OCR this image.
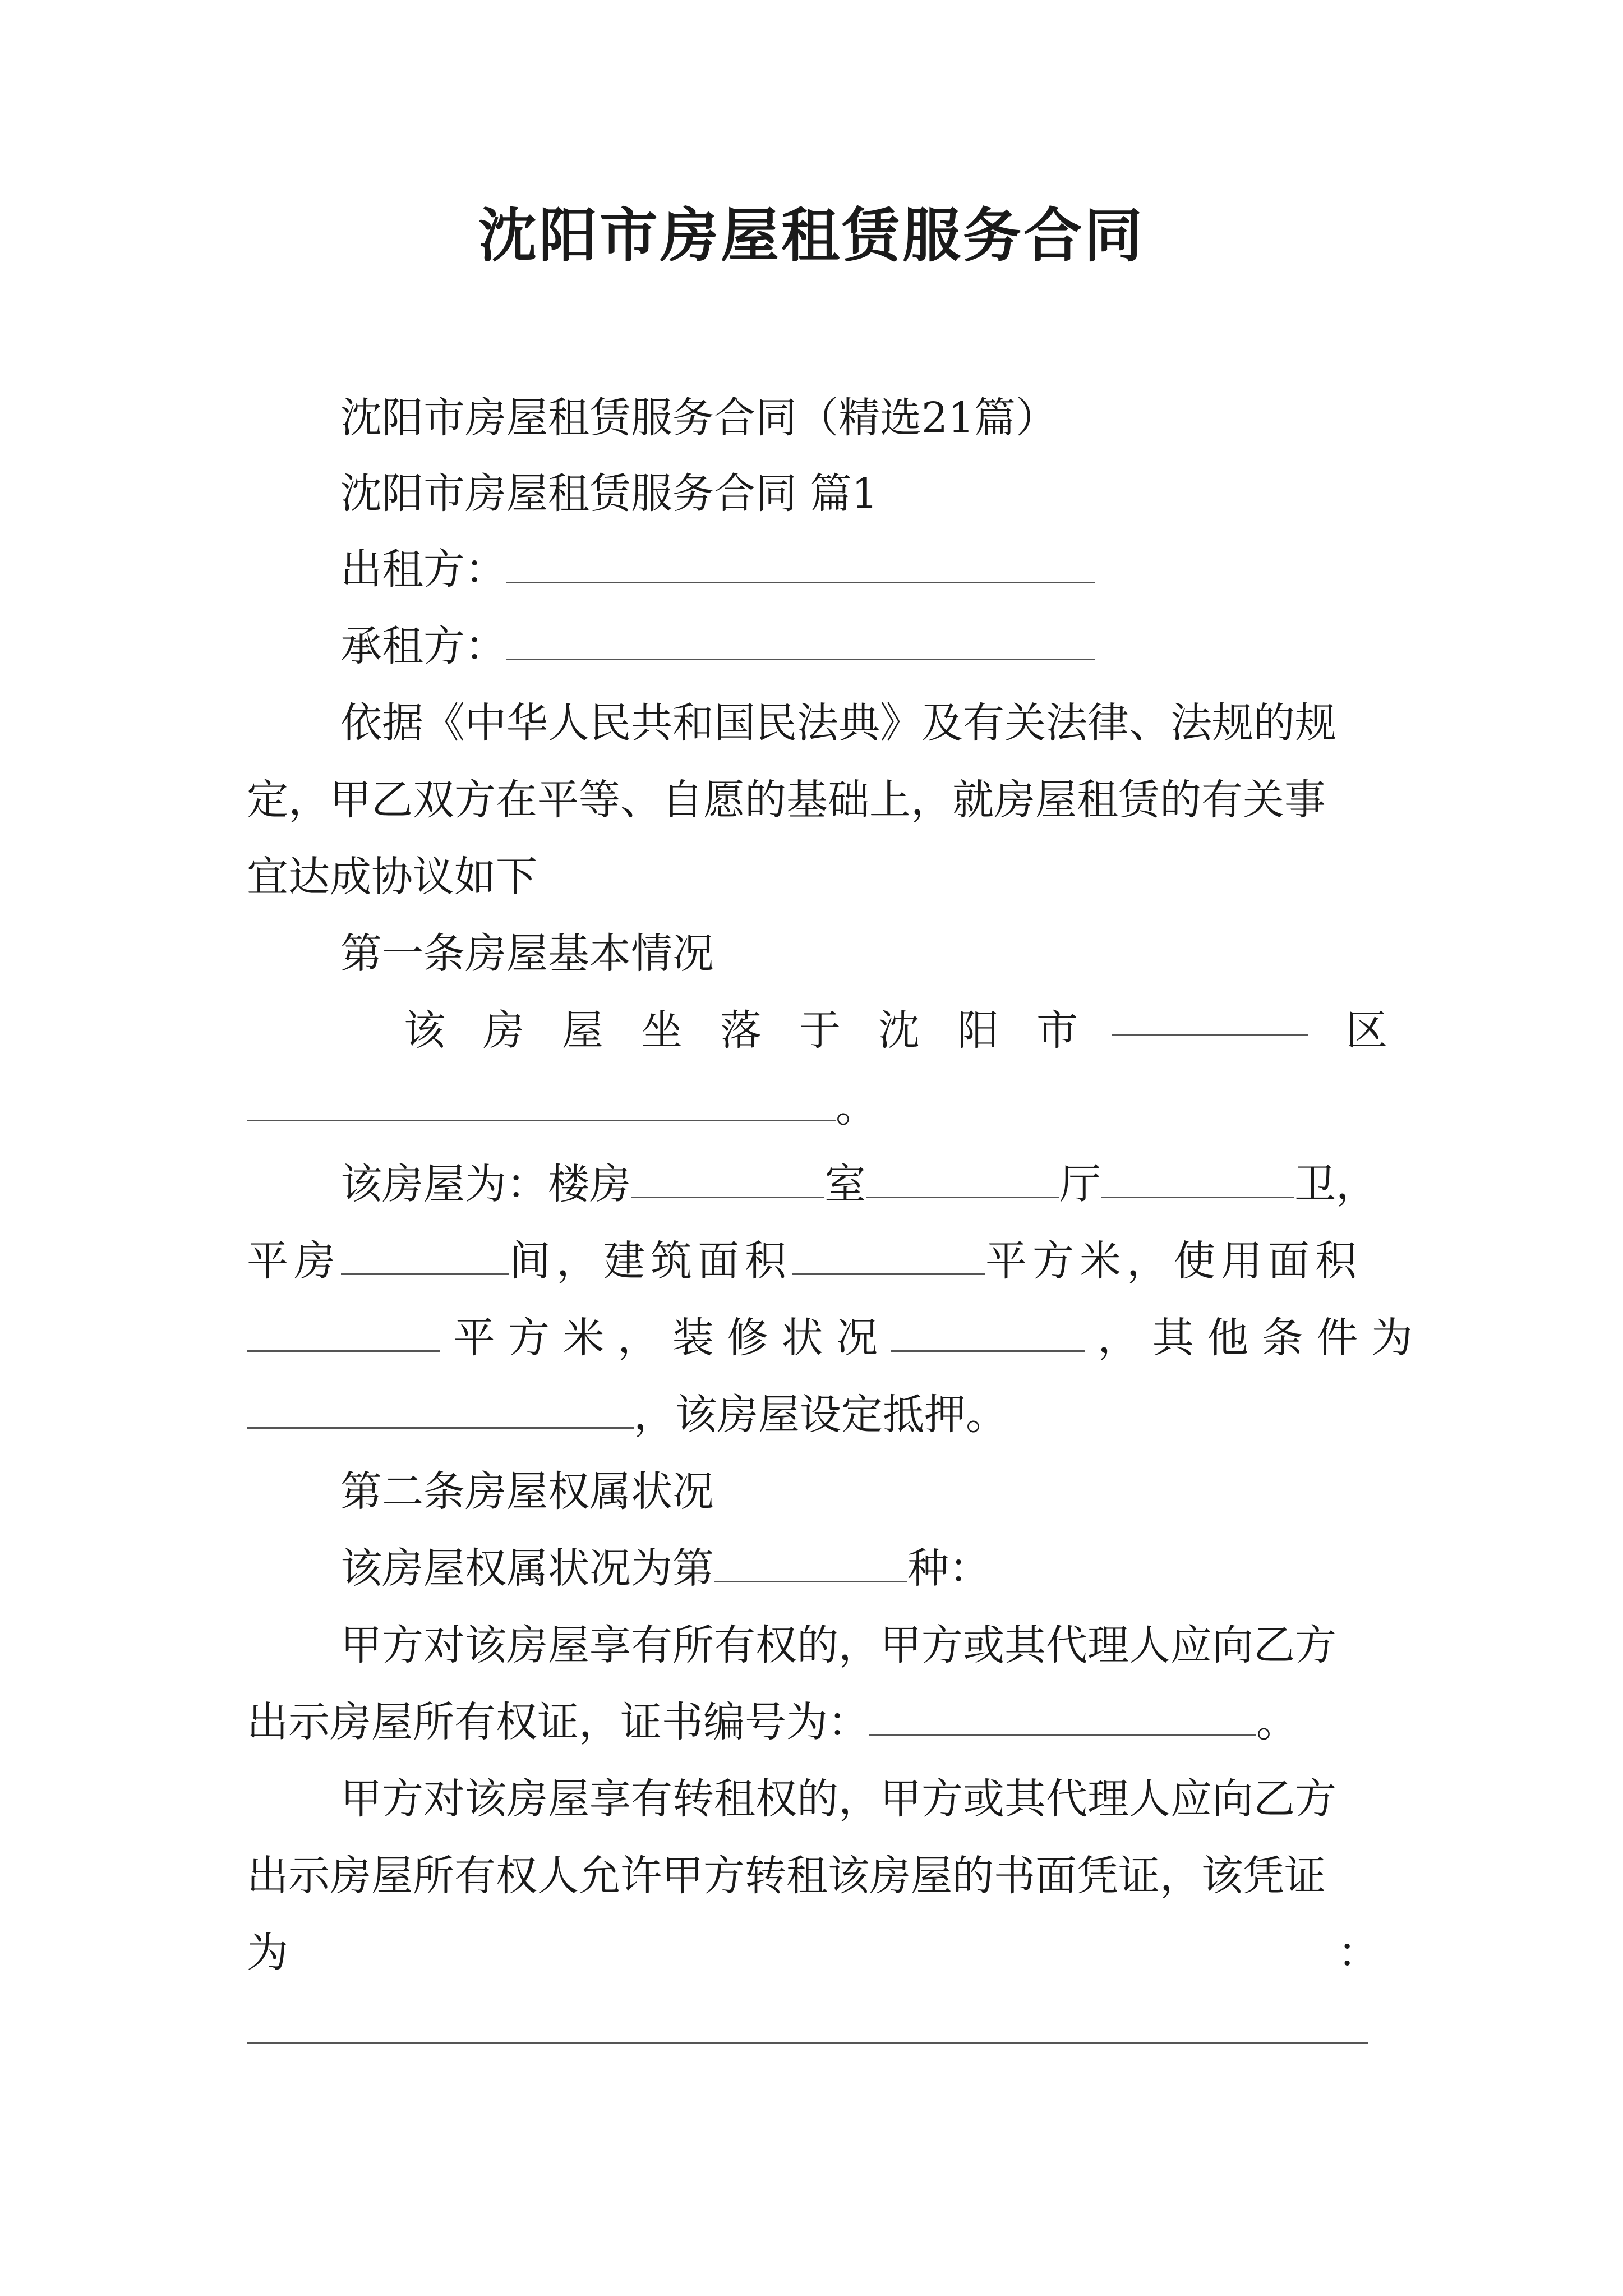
沈阳市房屋租赁服务合同
沈阳市房屋租赁服务合同（精选21篇）
沈阳市房屋租赁服务合同 篇1
出租方：
承租方：
依据《中华人民共和国民法典》及有关法律、法规的规
定，甲乙双方在平等、自愿的基础上，就房屋租赁的有关事
宜达成协议如下
第一条房屋基本情况
该 房 屋 坐 落 于 沈 阳 市	区
。
该房屋为：楼房	室	厅	卫，
平房	间，建筑面积	平方米，使用面积
平 方 米 ， 装 修 状 况	， 其 他 条 件 为
，该房屋设定抵押。
第二条房屋权属状况
该房屋权属状况为第	种：
甲方对该房屋享有所有权的，甲方或其代理人应向乙方
出示房屋所有权证，证书编号为：	。
甲方对该房屋享有转租权的，甲方或其代理人应向乙方
出示房屋所有权人允许甲方转租该房屋的书面凭证，该凭证
为	：
